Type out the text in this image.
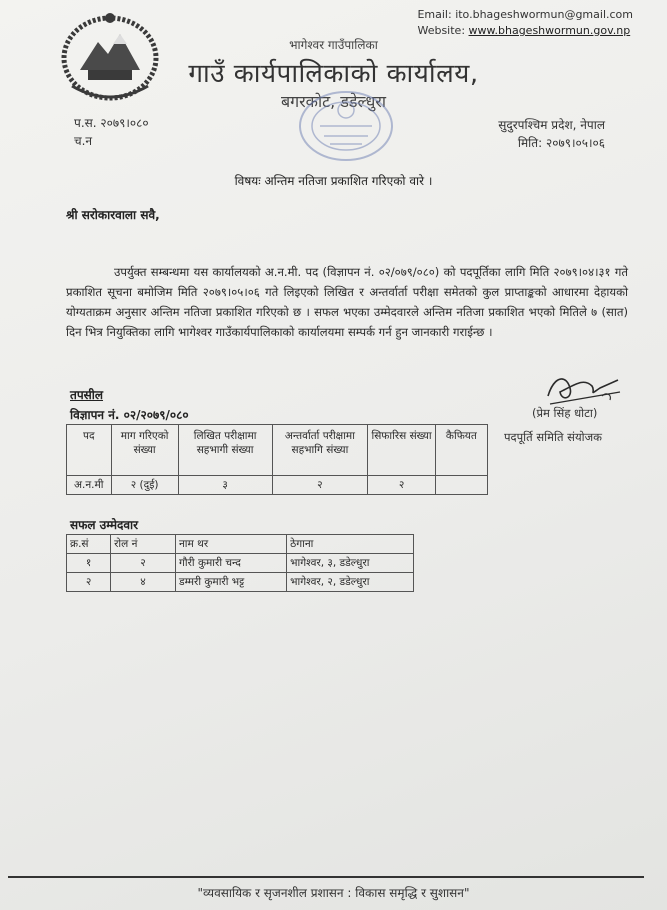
Email: ito.bhageshwormun@gmail.com
Website: www.bhageshwormun.gov.np
भागेश्वर गाउँपालिका
गाउँ कार्यपालिकाको कार्यालय,
बगरकोट, डडेल्धुरा
प.स. २०७९।०८०
च.न
सुदुरपश्चिम प्रदेश, नेपाल
मिति: २०७९।०५।०६
विषयः अन्तिम नतिजा प्रकाशित गरिएको वारे ।
श्री सरोकारवाला सवै,
उपर्युक्त सम्बन्धमा यस कार्यालयको अ.न.मी. पद (विज्ञापन नं. ०२/०७९/०८०) को पदपूर्तिका लागि मिति २०७९।०४।३१ गते प्रकाशित सूचना बमोजिम मिति २०७९।०५।०६ गते लिइएको लिखित र अन्तर्वार्ता परीक्षा समेतको कुल प्राप्ताङ्कको आधारमा देहायको योग्यताक्रम अनुसार अन्तिम नतिजा प्रकाशित गरिएको छ । सफल भएका उम्मेदवारले अन्तिम नतिजा प्रकाशित भएको मितिले ७ (सात) दिन भित्र नियुक्तिका लागि भागेश्वर गाउँकार्यपालिकाको कार्यालयमा सम्पर्क गर्न हुन जानकारी गराईन्छ ।
(प्रेम सिंह धोटा)
पदपूर्ति समिति संयोजक
तपसील
विज्ञापन नं. ०२/२०७९/०८०
पद	माग गरिएको संख्या	लिखित परीक्षामा सहभागी संख्या	अन्तर्वार्ता परीक्षामा सहभागि संख्या	सिफारिस संख्या	कैफियत
अ.न.मी	२ (दुई)	३	२	२	
सफल उम्मेदवार
क्र.सं	रोल नं	नाम थर	ठेगाना
१	२	गौरी कुमारी चन्द	भागेश्वर, ३, डडेल्धुरा
२	४	डम्मरी कुमारी भट्ट	भागेश्वर, २, डडेल्धुरा
"व्यवसायिक र सृजनशील प्रशासन : विकास समृद्धि र सुशासन"
